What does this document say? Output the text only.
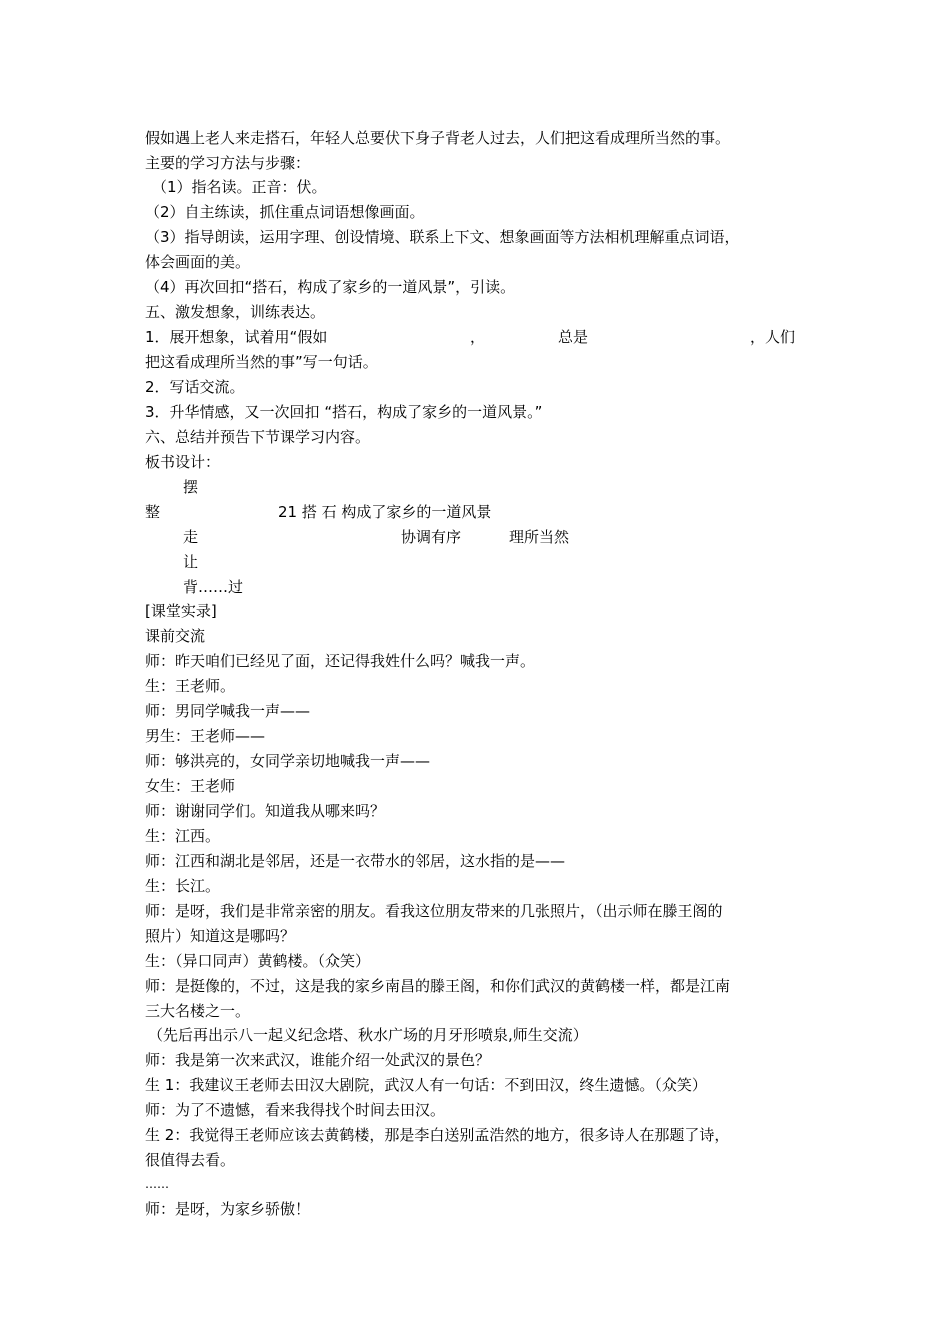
假如遇上老人来走搭石，年轻人总要伏下身子背老人过去，人们把这看成理所当然的事。
主要的学习方法与步骤：
（1）指名读。正音：伏。
（2）自主练读，抓住重点词语想像画面。
（3）指导朗读，运用字理、创设情境、联系上下文、想象画面等方法相机理解重点词语，
体会画面的美。
（4）再次回扣“搭石，构成了家乡的一道风景”，引读。
五、激发想象，训练表达。
1．展开想象，试着用“假如	，	总是	，人们
把这看成理所当然的事”写一句话。
2．写话交流。
3．升华情感，又一次回扣 “搭石，构成了家乡的一道风景。”
六、总结并预告下节课学习内容。
板书设计：
摆
整	21 搭 石 构成了家乡的一道风景
走	协调有序	理所当然
让
背……过
[课堂实录]
课前交流
师：昨天咱们已经见了面，还记得我姓什么吗？喊我一声。
生：王老师。
师：男同学喊我一声——
男生：王老师——
师：够洪亮的，女同学亲切地喊我一声——
女生：王老师
师：谢谢同学们。知道我从哪来吗？
生：江西。
师：江西和湖北是邻居，还是一衣带水的邻居，这水指的是——
生：长江。
师：是呀，我们是非常亲密的朋友。看我这位朋友带来的几张照片，（出示师在滕王阁的
照片）知道这是哪吗？
生：（异口同声）黄鹤楼。（众笑）
师：是挺像的，不过，这是我的家乡南昌的滕王阁，和你们武汉的黄鹤楼一样，都是江南
三大名楼之一。
（先后再出示八一起义纪念塔、秋水广场的月牙形喷泉,师生交流）
师：我是第一次来武汉，谁能介绍一处武汉的景色？
生 1：我建议王老师去田汉大剧院，武汉人有一句话：不到田汉，终生遗憾。（众笑）
师：为了不遗憾，看来我得找个时间去田汉。
生 2：我觉得王老师应该去黄鹤楼，那是李白送别孟浩然的地方，很多诗人在那题了诗，
很值得去看。
……
师：是呀，为家乡骄傲！
